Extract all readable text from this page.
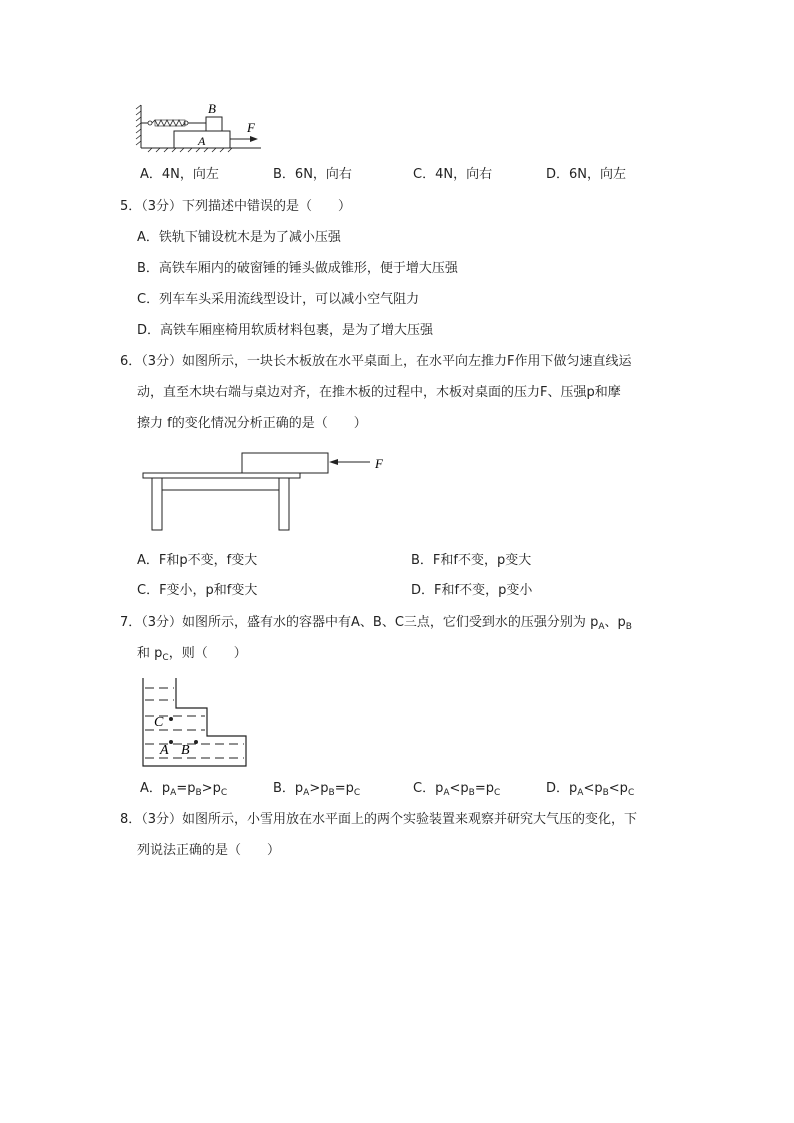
B
A
F
A．4N，向左	B．6N，向右	C．4N，向右	D．6N，向左
5．（3分）下列描述中错误的是（　　）
A．铁轨下铺设枕木是为了减小压强
B．高铁车厢内的破窗锤的锤头做成锥形，便于增大压强
C．列车车头采用流线型设计，可以减小空气阻力
D．高铁车厢座椅用软质材料包裹，是为了增大压强
6．（3分）如图所示，一块长木板放在水平桌面上，在水平向左推力F作用下做匀速直线运
动，直至木块右端与桌边对齐，在推木板的过程中，木板对桌面的压力F、压强p和摩
擦力 f的变化情况分析正确的是（　　）
F
A．F和p不变，f变大	B．F和f不变，p变大
C．F变小，p和f变大	D．F和f不变，p变小
7．（3分）如图所示，盛有水的容器中有A、B、C三点，它们受到水的压强分别为 $p_A$、$p_B$
和 $p_C$，则（　　）
C
A B
A．$p_A=p_B>p_C$	B．$p_A>p_B=p_C$	C．$p_A<p_B=p_C$	D．$p_A<p_B<p_C$
8．（3分）如图所示，小雪用放在水平面上的两个实验装置来观察并研究大气压的变化，下
列说法正确的是（　　）
